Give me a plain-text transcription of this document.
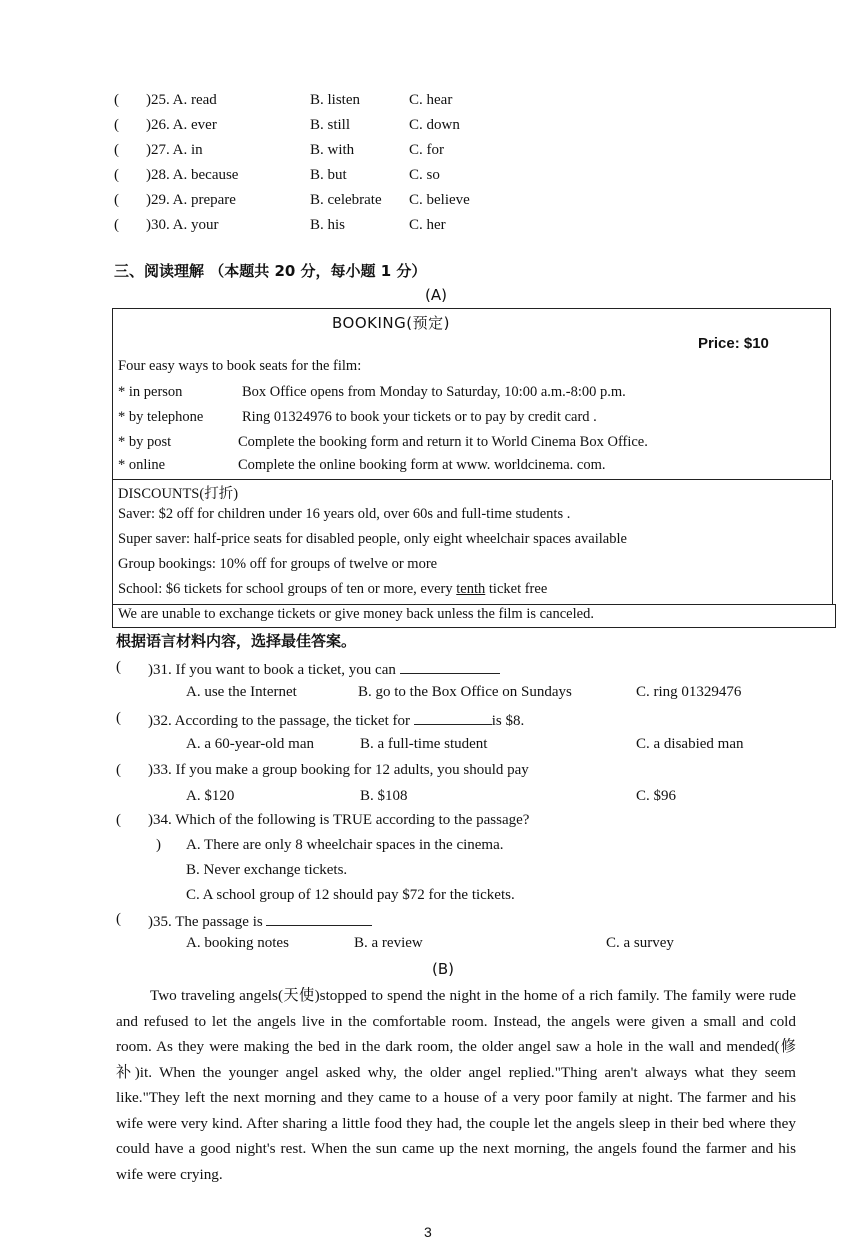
( )25. A. read	B. listen	C. hear
( )26. A. ever	B. still	C. down
( )27. A. in	B. with	C. for
( )28. A. because	B. but	C. so
( )29. A. prepare	B. celebrate C. believe
( )30. A. your	B. his	C. her
三、阅读理解 （本题共 20 分，每小题 1 分）
(A)
BOOKING(预定)
Price: $10
Four easy ways to book seats for the film:
* in person	Box Office opens from Monday to Saturday, 10:00 a.m.-8:00 p.m.
* by telephone	Ring 01324976 to book your tickets or to pay by credit card .
* by post	Complete the booking form and return it to World Cinema Box Office.
* online	Complete the online booking form at www. worldcinema. com.
DISCOUNTS(打折)
Saver: $2 off for children under 16 years old, over 60s and full-time students .
Super saver: half-price seats for disabled people, only eight wheelchair spaces available
Group bookings: 10% off for groups of twelve or more
School: $6 tickets for school groups of ten or more, every tenth ticket free
We are unable to exchange tickets or give money back unless the film is canceled.
根据语言材料内容，选择最佳答案。
( )31. If you want to book a ticket, you can
A. use the Internet	B. go to the Box Office on Sundays	C. ring 01329476
( )32. According to the passage, the ticket for	is $8.
A. a 60-year-old man	B. a full-time student	C. a disabied man
( )33. If you make a group booking for 12 adults, you should pay
A. $120	B. $108	C. $96
( )34. Which of the following is TRUE according to the passage?
) A. There are only 8 wheelchair spaces in the cinema.
B. Never exchange tickets.
C. A school group of 12 should pay $72 for the tickets.
( )35. The passage is
A. booking notes	B. a review	C. a survey
(B)

Two traveling angels(天使)stopped to spend the night in the home of a rich family. The family were rude and refused to let the angels live in the comfortable room. Instead, the angels were given a small and cold room. As they were making the bed in the dark room, the older angel saw a hole in the wall and mended(修补)it. When the younger angel asked why, the older angel replied."Thing aren't always what they seem like."They left the next morning and they came to a house of a very poor family at night. The farmer and his wife were very kind. After sharing a little food they had, the couple let the angels sleep in their bed where they could have a good night's rest. When the sun came up the next morning, the angels found the farmer and his wife were crying.

3
